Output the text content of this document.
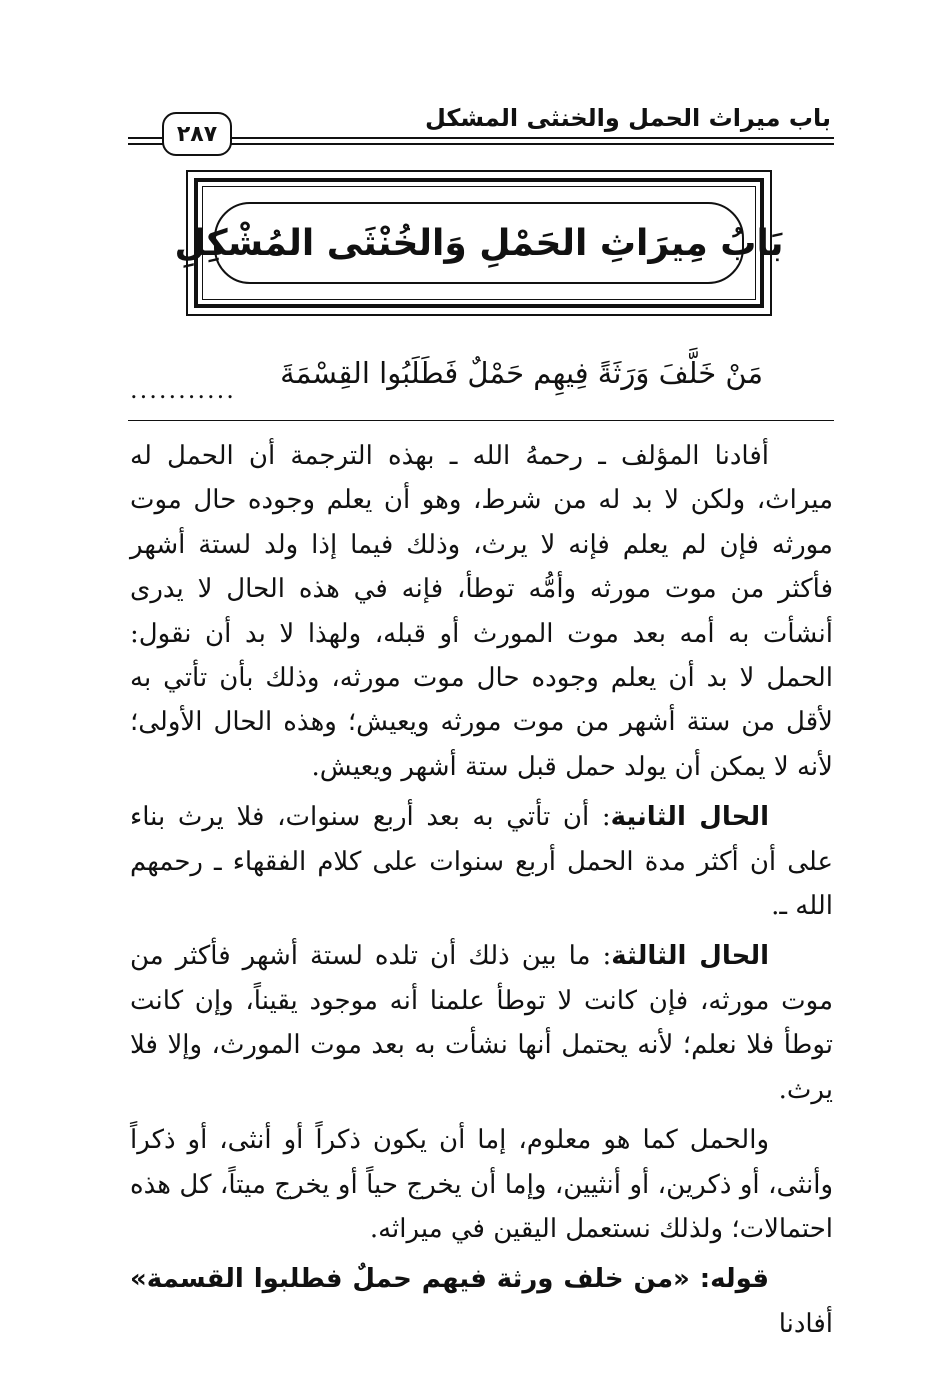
باب ميراث الحمل والخنثى المشكل
٢٨٧
بَابُ مِيرَاثِ الحَمْلِ وَالخُنْثَى المُشْكِلِ
مَنْ خَلَّفَ وَرَثَةً فِيهِم حَمْلٌ فَطَلَبُوا القِسْمَةَ
...........

أفادنا المؤلف ـ رحمهُ الله ـ بهذه الترجمة أن الحمل له ميراث، ولكن لا بد له من شرط، وهو أن يعلم وجوده حال موت مورثه فإن لم يعلم فإنه لا يرث، وذلك فيما إذا ولد لستة أشهر فأكثر من موت مورثه وأمُّه توطأ، فإنه في هذه الحال لا يدرى أنشأت به أمه بعد موت المورث أو قبله، ولهذا لا بد أن نقول: الحمل لا بد أن يعلم وجوده حال موت مورثه، وذلك بأن تأتي به لأقل من ستة أشهر من موت مورثه ويعيش؛ وهذه الحال الأولى؛ لأنه لا يمكن أن يولد حمل قبل ستة أشهر ويعيش.

الحال الثانية: أن تأتي به بعد أربع سنوات، فلا يرث بناء على أن أكثر مدة الحمل أربع سنوات على كلام الفقهاء ـ رحمهم الله ـ.

الحال الثالثة: ما بين ذلك أن تلده لستة أشهر فأكثر من موت مورثه، فإن كانت لا توطأ علمنا أنه موجود يقيناً، وإن كانت توطأ فلا نعلم؛ لأنه يحتمل أنها نشأت به بعد موت المورث، وإلا فلا يرث.

والحمل كما هو معلوم، إما أن يكون ذكراً أو أنثى، أو ذكراً وأنثى، أو ذكرين، أو أنثيين، وإما أن يخرج حياً أو يخرج ميتاً، كل هذه احتمالات؛ ولذلك نستعمل اليقين في ميراثه.

قوله: «من خلف ورثة فيهم حملٌ فطلبوا القسمة» أفادنا
